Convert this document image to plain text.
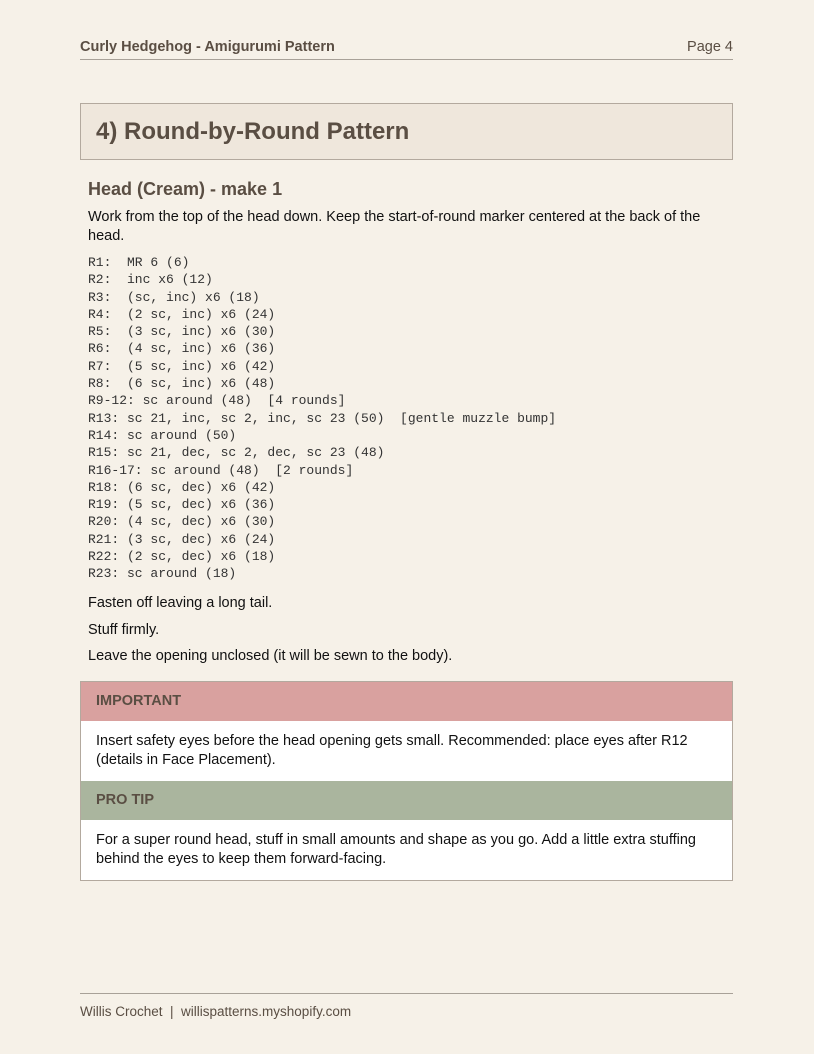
Curly Hedgehog - Amigurumi Pattern	Page 4
4) Round-by-Round Pattern
Head (Cream) - make 1
Work from the top of the head down. Keep the start-of-round marker centered at the back of the head.
R1:  MR 6 (6)
R2:  inc x6 (12)
R3:  (sc, inc) x6 (18)
R4:  (2 sc, inc) x6 (24)
R5:  (3 sc, inc) x6 (30)
R6:  (4 sc, inc) x6 (36)
R7:  (5 sc, inc) x6 (42)
R8:  (6 sc, inc) x6 (48)
R9-12: sc around (48)  [4 rounds]
R13: sc 21, inc, sc 2, inc, sc 23 (50)  [gentle muzzle bump]
R14: sc around (50)
R15: sc 21, dec, sc 2, dec, sc 23 (48)
R16-17: sc around (48)  [2 rounds]
R18: (6 sc, dec) x6 (42)
R19: (5 sc, dec) x6 (36)
R20: (4 sc, dec) x6 (30)
R21: (3 sc, dec) x6 (24)
R22: (2 sc, dec) x6 (18)
R23: sc around (18)
Fasten off leaving a long tail.
Stuff firmly.
Leave the opening unclosed (it will be sewn to the body).
IMPORTANT
Insert safety eyes before the head opening gets small. Recommended: place eyes after R12 (details in Face Placement).
PRO TIP
For a super round head, stuff in small amounts and shape as you go. Add a little extra stuffing behind the eyes to keep them forward-facing.
Willis Crochet  |  willispatterns.myshopify.com
